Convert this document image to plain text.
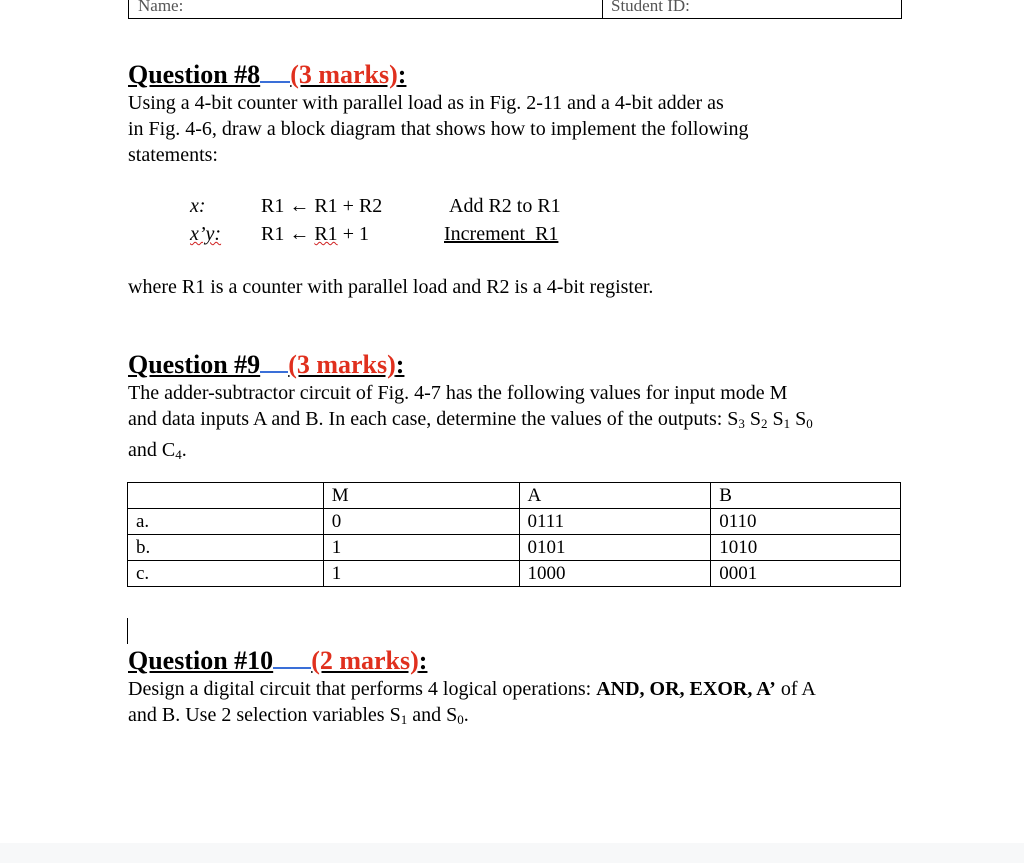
Name:	Student ID:
Question #8 (3 marks):
Using a 4-bit counter with parallel load as in Fig. 2-11 and a 4-bit adder as
in Fig. 4-6, draw a block diagram that shows how to implement the following
statements:
x:	R1 ← R1 + R2	Add R2 to R1
x’y: R1 ← R1 + 1	Increment  R1
where R1 is a counter with parallel load and R2 is a 4-bit register.
Question #9 (3 marks):
The adder-subtractor circuit of Fig. 4-7 has the following values for input mode M
and data inputs A and B. In each case, determine the values of the outputs: $S_3$ $S_2$ $S_1$ $S_0$
and $C_4$.
	M	A	B
a.	0	0111	0110
b.	1	0101	1010
c.	1	1000	0001
Question #10 (2 marks):
Design a digital circuit that performs 4 logical operations: AND, OR, EXOR, A’ of A
and B. Use 2 selection variables $S_1$ and $S_0$.
